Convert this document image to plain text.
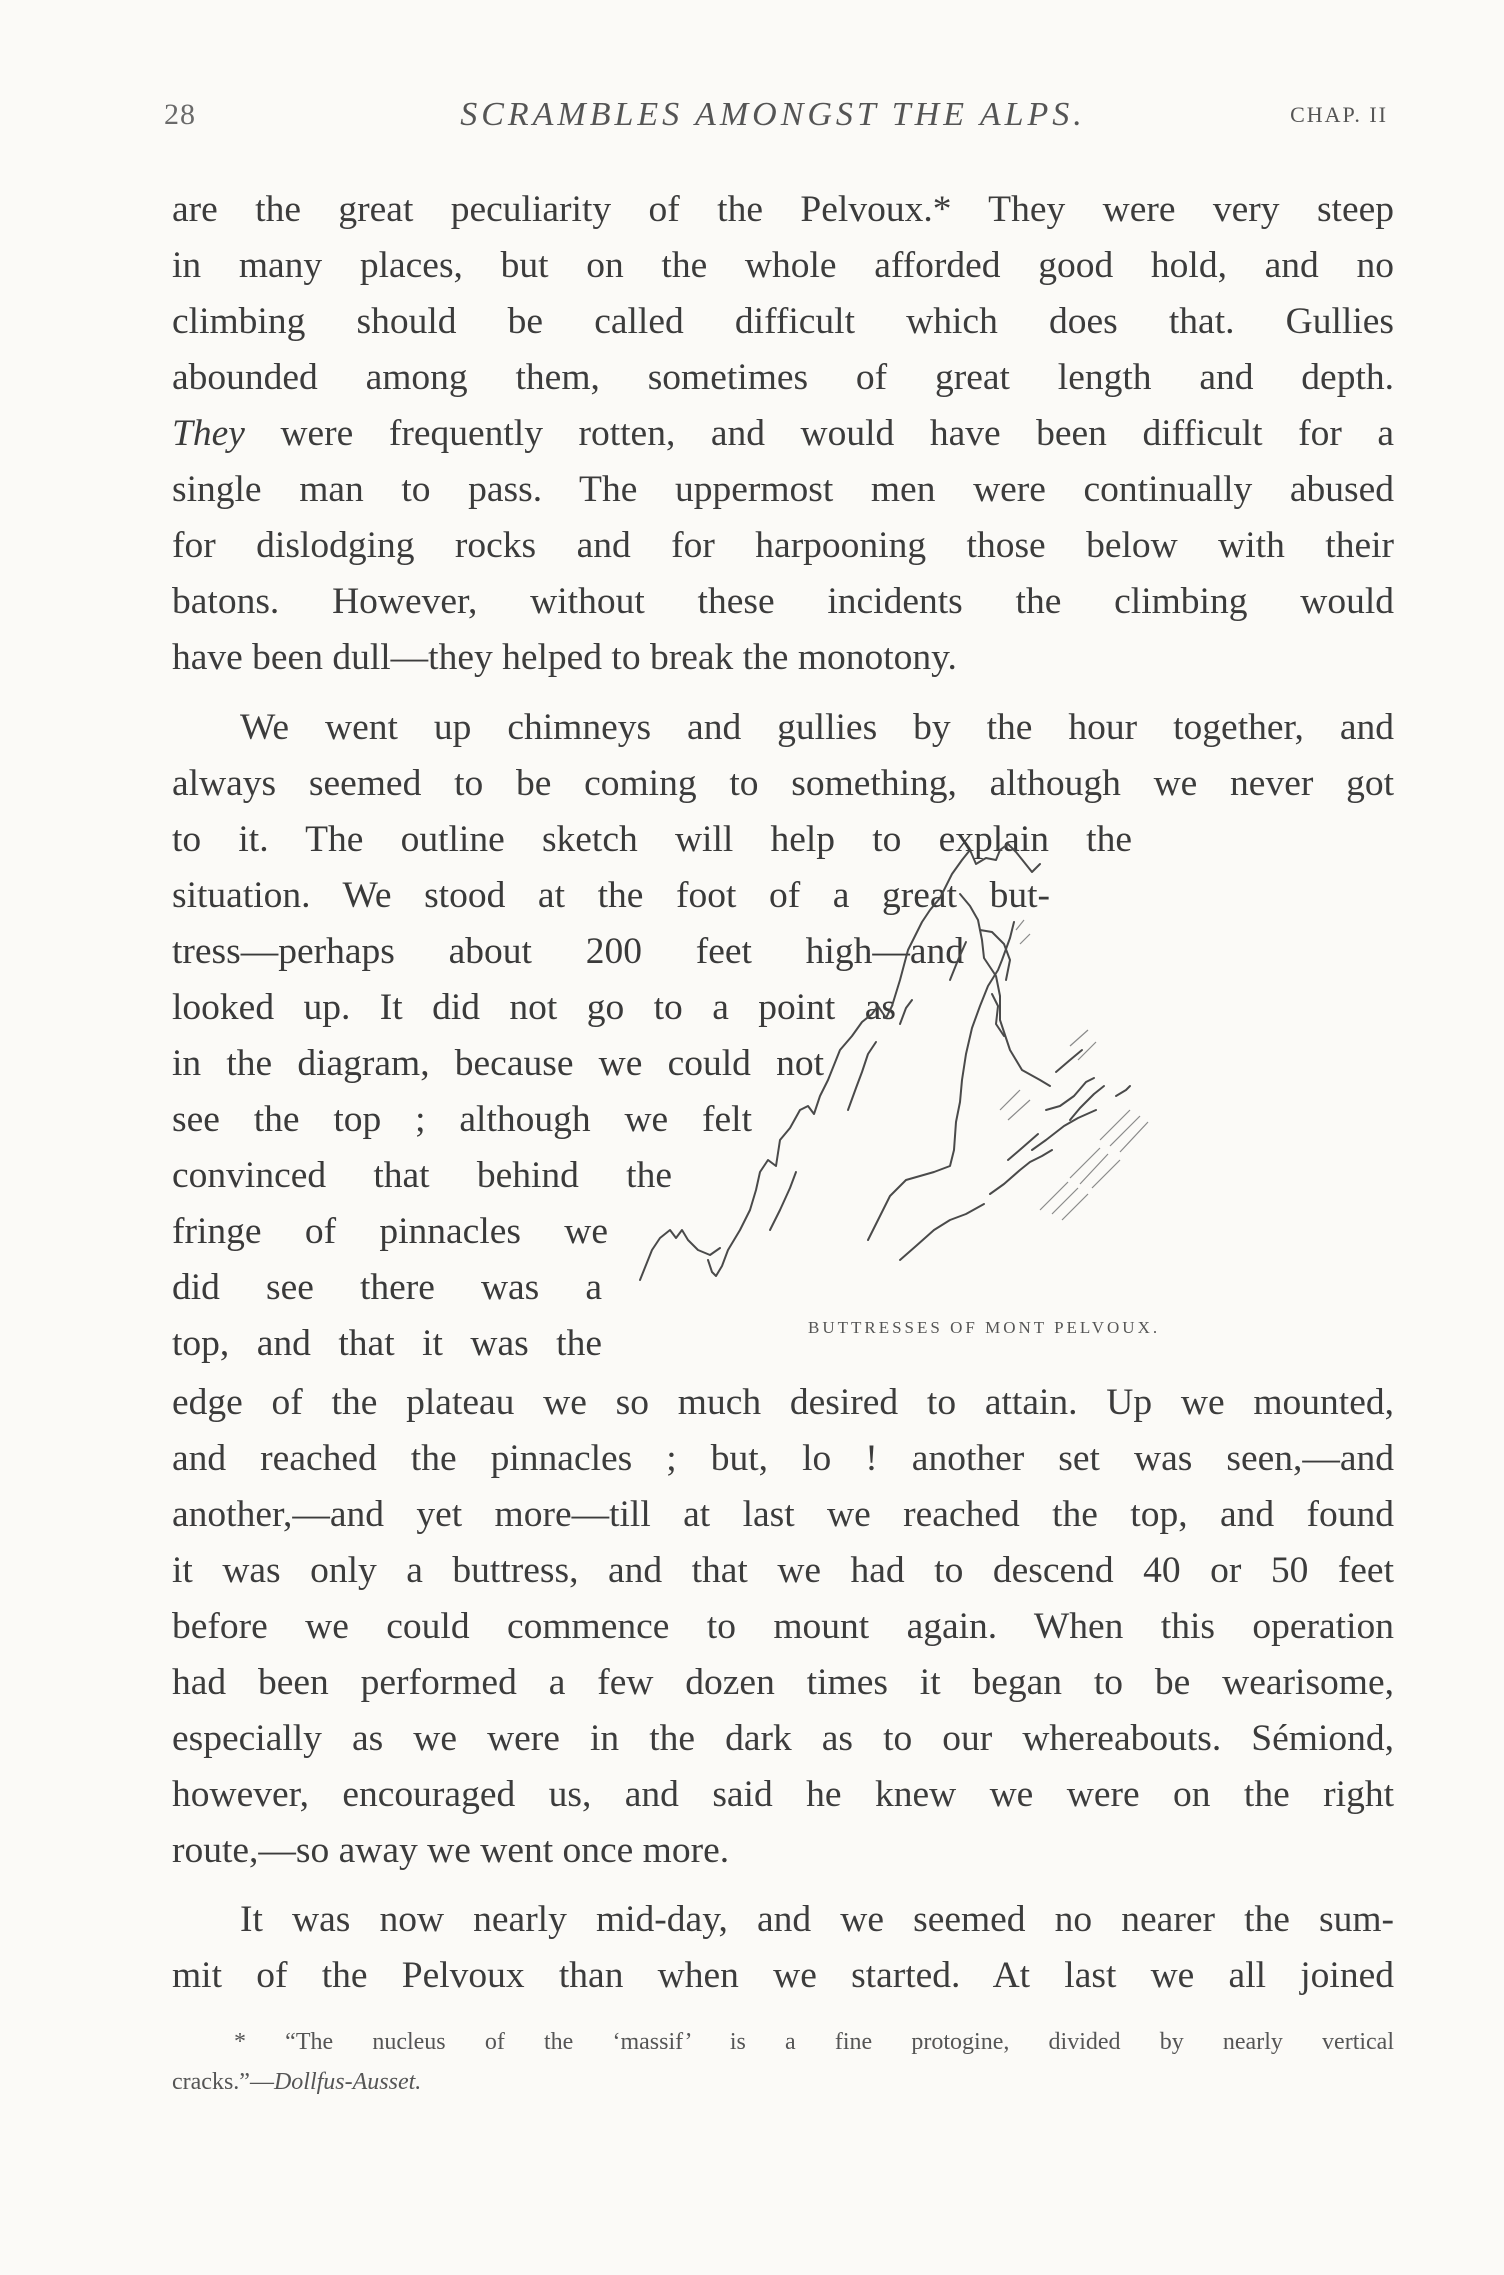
28	SCRAMBLES AMONGST THE ALPS.	CHAP. II
are the great peculiarity of the Pelvoux.* They were very steep
in many places, but on the whole afforded good hold, and no
climbing should be called difficult which does that. Gullies
abounded among them, sometimes of great length and depth.
They were frequently rotten, and would have been difficult for a
single man to pass. The uppermost men were continually abused
for dislodging rocks and for harpooning those below with their
batons. However, without these incidents the climbing would
have been dull—they helped to break the monotony.
We went up chimneys and gullies by the hour together, and
always seemed to be coming to something, although we never got
to it. The outline sketch will help to explain the
situation. We stood at the foot of a great but-
tress—perhaps about 200 feet high—and
looked up. It did not go to a point as
in the diagram, because we could not
see the top ; although we felt
convinced that behind the
fringe of pinnacles we
did see there was a
top, and that it was the	BUTTRESSES OF MONT PELVOUX.
edge of the plateau we so much desired to attain. Up we mounted,
and reached the pinnacles ; but, lo ! another set was seen,—and
another,—and yet more—till at last we reached the top, and found
it was only a buttress, and that we had to descend 40 or 50 feet
before we could commence to mount again. When this operation
had been performed a few dozen times it began to be wearisome,
especially as we were in the dark as to our whereabouts. Sémiond,
however, encouraged us, and said he knew we were on the right
route,—so away we went once more.
It was now nearly mid-day, and we seemed no nearer the sum-
mit of the Pelvoux than when we started. At last we all joined
* “The nucleus of the ‘massif’ is a fine protogine, divided by nearly vertical
cracks.”—Dollfus-Ausset.
